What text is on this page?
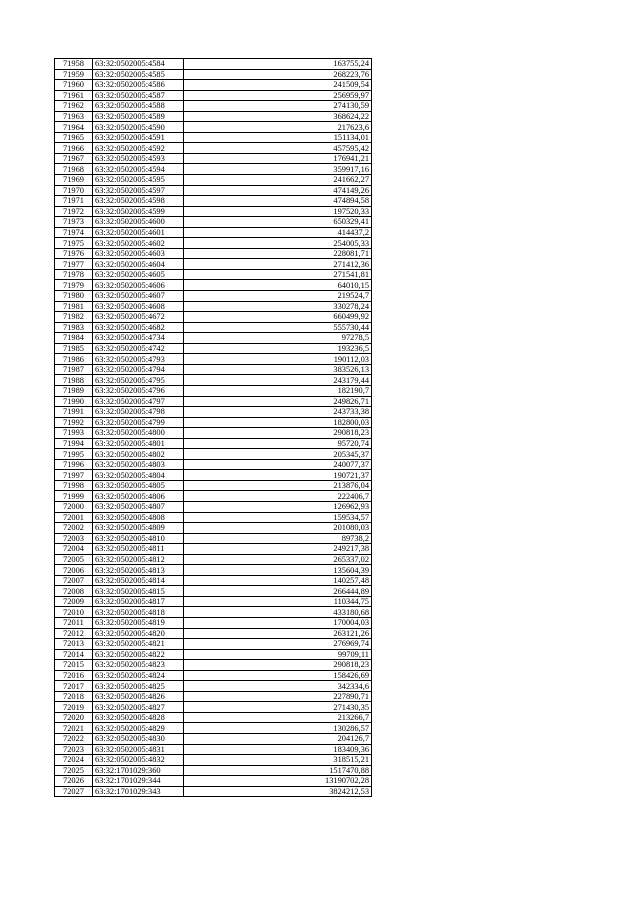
71958	63:32:0502005:4584	163755,24
71959	63:32:0502005:4585	268223,76
71960	63:32:0502005:4586	241509,54
71961	63:32:0502005:4587	256959,97
71962	63:32:0502005:4588	274130,59
71963	63:32:0502005:4589	368624,22
71964	63:32:0502005:4590	217623,6
71965	63:32:0502005:4591	151134,01
71966	63:32:0502005:4592	457595,42
71967	63:32:0502005:4593	176941,21
71968	63:32:0502005:4594	359917,16
71969	63:32:0502005:4595	241662,27
71970	63:32:0502005:4597	474149,26
71971	63:32:0502005:4598	474894,58
71972	63:32:0502005:4599	197520,33
71973	63:32:0502005:4600	650329,41
71974	63:32:0502005:4601	414437,2
71975	63:32:0502005:4602	254005,33
71976	63:32:0502005:4603	228081,71
71977	63:32:0502005:4604	271412,36
71978	63:32:0502005:4605	271541,81
71979	63:32:0502005:4606	64010,15
71980	63:32:0502005:4607	219524,7
71981	63:32:0502005:4608	330278,24
71982	63:32:0502005:4672	660499,92
71983	63:32:0502005:4682	555730,44
71984	63:32:0502005:4734	97278,5
71985	63:32:0502005:4742	193236,5
71986	63:32:0502005:4793	190112,03
71987	63:32:0502005:4794	383526,13
71988	63:32:0502005:4795	243179,44
71989	63:32:0502005:4796	182190,7
71990	63:32:0502005:4797	249826,71
71991	63:32:0502005:4798	243733,38
71992	63:32:0502005:4799	182800,03
71993	63:32:0502005:4800	290818,23
71994	63:32:0502005:4801	95720,74
71995	63:32:0502005:4802	205345,37
71996	63:32:0502005:4803	240077,37
71997	63:32:0502005:4804	190721,37
71998	63:32:0502005:4805	213876,04
71999	63:32:0502005:4806	222406,7
72000	63:32:0502005:4807	126962,93
72001	63:32:0502005:4808	159534,57
72002	63:32:0502005:4809	201080,03
72003	63:32:0502005:4810	89738,2
72004	63:32:0502005:4811	249217,38
72005	63:32:0502005:4812	265337,02
72006	63:32:0502005:4813	135604,39
72007	63:32:0502005:4814	140257,48
72008	63:32:0502005:4815	266444,89
72009	63:32:0502005:4817	110344,75
72010	63:32:0502005:4818	433180,68
72011	63:32:0502005:4819	170004,03
72012	63:32:0502005:4820	263121,26
72013	63:32:0502005:4821	276969,74
72014	63:32:0502005:4822	99709,11
72015	63:32:0502005:4823	290818,23
72016	63:32:0502005:4824	158426,69
72017	63:32:0502005:4825	342334,6
72018	63:32:0502005:4826	227890,71
72019	63:32:0502005:4827	271430,35
72020	63:32:0502005:4828	213266,7
72021	63:32:0502005:4829	130286,57
72022	63:32:0502005:4830	204126,7
72023	63:32:0502005:4831	183409,36
72024	63:32:0502005:4832	318515,21
72025	63:32:1701029:360	1517470,88
72026	63:32:1701029:344	13190702,28
72027	63:32:1701029:343	3824212,53
